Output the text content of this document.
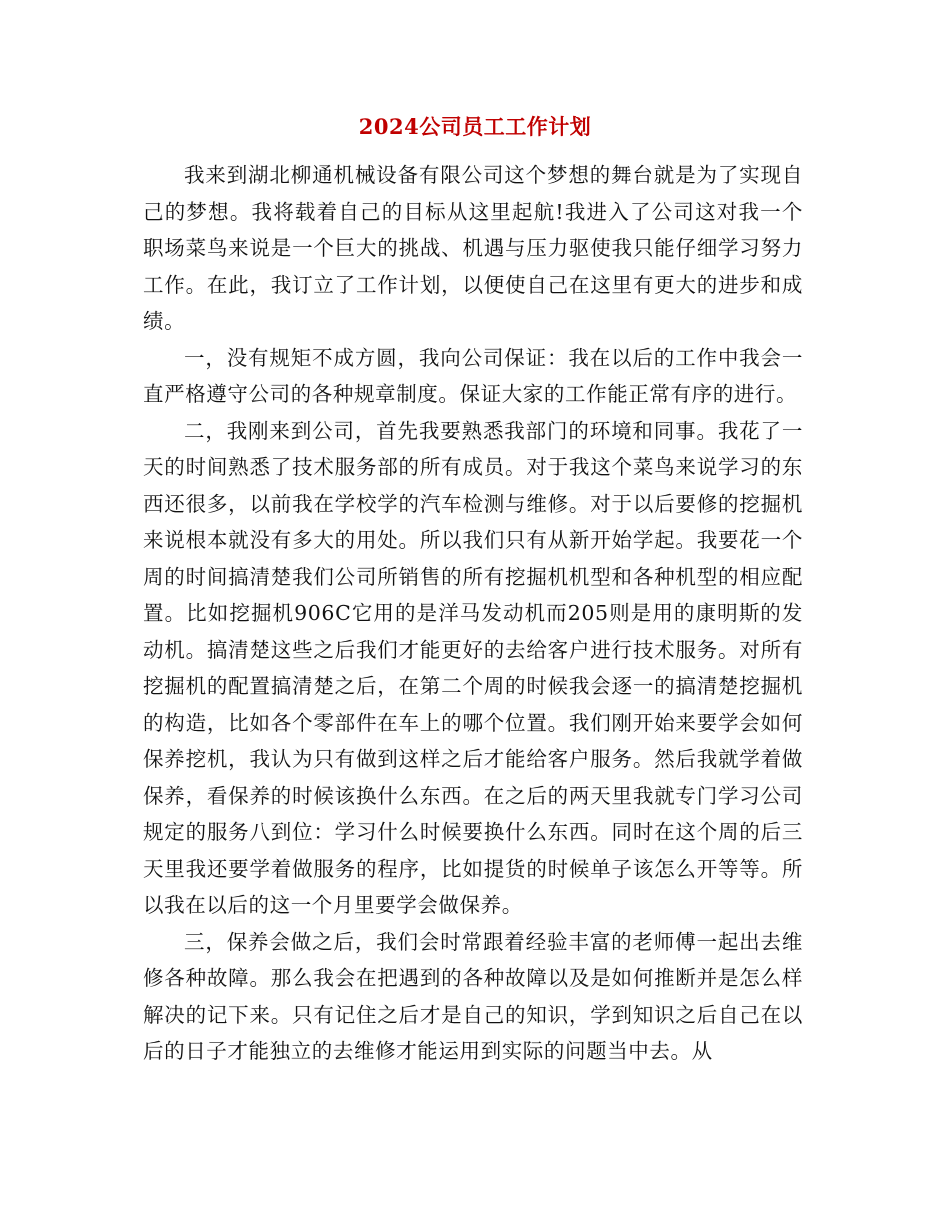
2024公司员工工作计划

我来到湖北柳通机械设备有限公司这个梦想的舞台就是为了实现自己的梦想。我将载着自己的目标从这里起航!我进入了公司这对我一个职场菜鸟来说是一个巨大的挑战、机遇与压力驱使我只能仔细学习努力工作。在此，我订立了工作计划，以便使自己在这里有更大的进步和成绩。

一，没有规矩不成方圆，我向公司保证：我在以后的工作中我会一直严格遵守公司的各种规章制度。保证大家的工作能正常有序的进行。

二，我刚来到公司，首先我要熟悉我部门的环境和同事。我花了一天的时间熟悉了技术服务部的所有成员。对于我这个菜鸟来说学习的东西还很多，以前我在学校学的汽车检测与维修。对于以后要修的挖掘机来说根本就没有多大的用处。所以我们只有从新开始学起。我要花一个周的时间搞清楚我们公司所销售的所有挖掘机机型和各种机型的相应配置。比如挖掘机906C它用的是洋马发动机而205则是用的康明斯的发动机。搞清楚这些之后我们才能更好的去给客户进行技术服务。对所有挖掘机的配置搞清楚之后，在第二个周的时候我会逐一的搞清楚挖掘机的构造，比如各个零部件在车上的哪个位置。我们刚开始来要学会如何保养挖机，我认为只有做到这样之后才能给客户服务。然后我就学着做保养，看保养的时候该换什么东西。在之后的两天里我就专门学习公司规定的服务八到位：学习什么时候要换什么东西。同时在这个周的后三天里我还要学着做服务的程序，比如提货的时候单子该怎么开等等。所以我在以后的这一个月里要学会做保养。

三，保养会做之后，我们会时常跟着经验丰富的老师傅一起出去维修各种故障。那么我会在把遇到的各种故障以及是如何推断并是怎么样解决的记下来。只有记住之后才是自己的知识，学到知识之后自己在以后的日子才能独立的去维修才能运用到实际的问题当中去。从
